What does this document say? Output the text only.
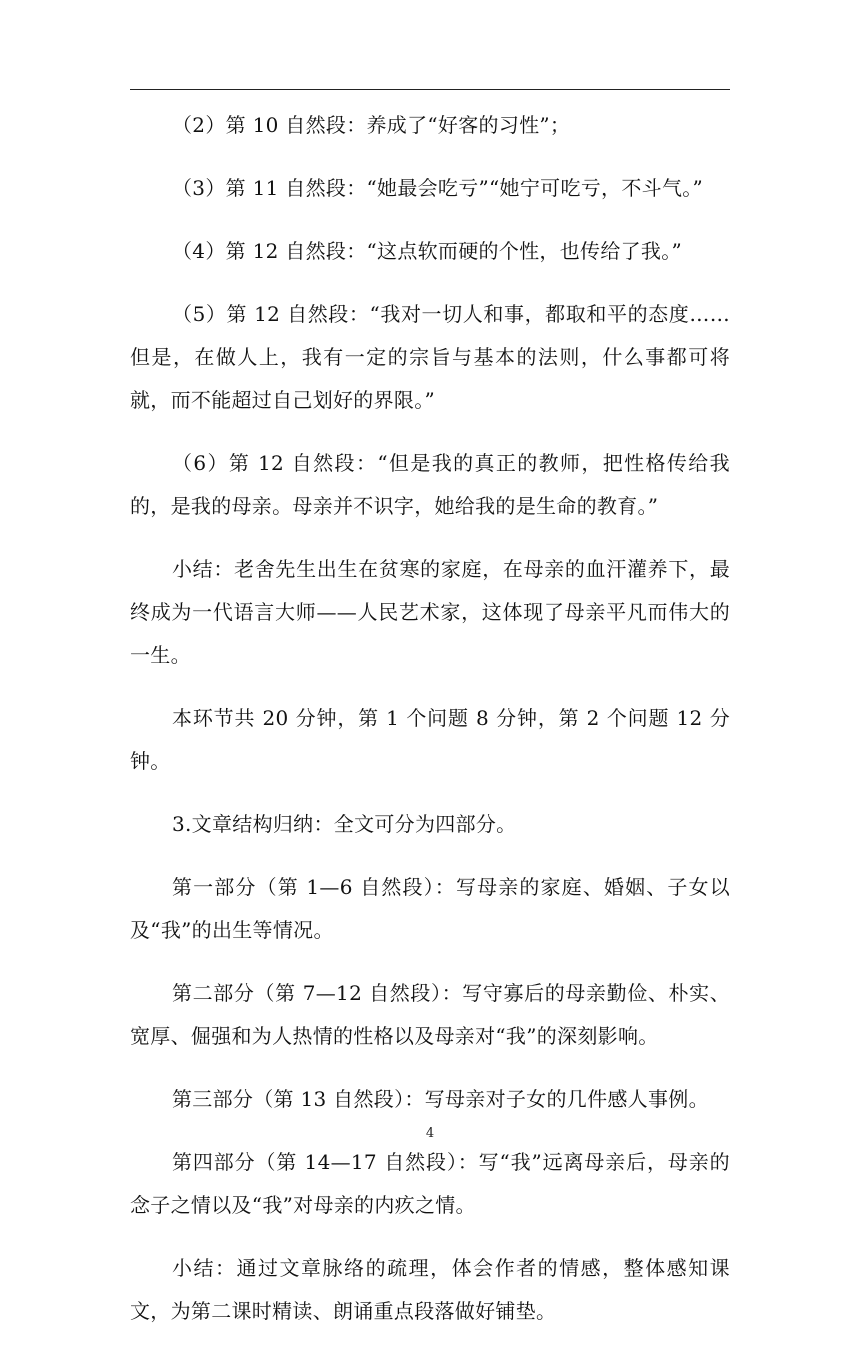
（2）第 10 自然段：养成了“好客的习性”；

（3）第 11 自然段：“她最会吃亏”“她宁可吃亏，不斗气。”

（4）第 12 自然段：“这点软而硬的个性，也传给了我。”

（5）第 12 自然段：“我对一切人和事，都取和平的态度……但是，在做人上，我有一定的宗旨与基本的法则，什么事都可将就，而不能超过自己划好的界限。”

（6）第 12 自然段：“但是我的真正的教师，把性格传给我的，是我的母亲。母亲并不识字，她给我的是生命的教育。”

小结：老舍先生出生在贫寒的家庭，在母亲的血汗灌养下，最终成为一代语言大师——人民艺术家，这体现了母亲平凡而伟大的一生。

本环节共 20 分钟，第 1 个问题 8 分钟，第 2 个问题 12 分钟。

3.文章结构归纳：全文可分为四部分。

第一部分（第 1—6 自然段）：写母亲的家庭、婚姻、子女以及“我”的出生等情况。

第二部分（第 7—12 自然段）：写守寡后的母亲勤俭、朴实、宽厚、倔强和为人热情的性格以及母亲对“我”的深刻影响。

第三部分（第 13 自然段）：写母亲对子女的几件感人事例。

第四部分（第 14—17 自然段）：写“我”远离母亲后，母亲的念子之情以及“我”对母亲的内疚之情。

小结：通过文章脉络的疏理，体会作者的情感，整体感知课文，为第二课时精读、朗诵重点段落做好铺垫。

4
